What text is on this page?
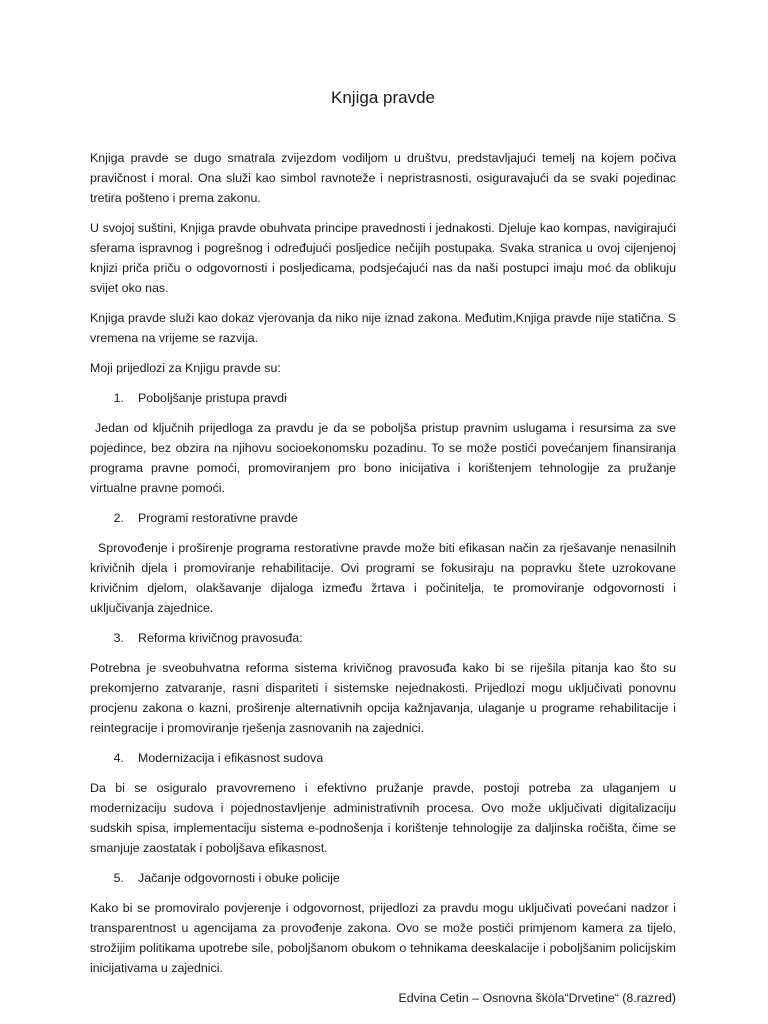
Knjiga pravde

Knjiga pravde se dugo smatrala zvijezdom vodiljom u društvu, predstavljajući temelj na kojem počiva pravičnost i moral. Ona služi kao simbol ravnoteže i nepristrasnosti, osiguravajući da se svaki pojedinac tretira pošteno i prema zakonu.

U svojoj suštini, Knjiga pravde obuhvata principe pravednosti i jednakosti. Djeluje kao kompas, navigirajući sferama ispravnog i pogrešnog i određujući posljedice nečijih postupaka. Svaka stranica u ovoj cijenjenoj knjizi priča priču o odgovornosti i posljedicama, podsjećajući nas da naši postupci imaju moć da oblikuju svijet oko nas.

Knjiga pravde služi kao dokaz vjerovanja da niko nije iznad zakona. Međutim,Knjiga pravde nije statična. S vremena na vrijeme se razvija.

Moji prijedlozi za Knjigu pravde su:

1.	Poboljšanje pristupa pravdi

Jedan od ključnih prijedloga za pravdu je da se poboljša pristup pravnim uslugama i resursima za sve pojedince, bez obzira na njihovu socioekonomsku pozadinu. To se može postići povećanjem finansiranja programa pravne pomoći, promoviranjem pro bono inicijativa i korištenjem tehnologije za pružanje virtualne pravne pomoći.

2.	Programi restorativne pravde

Sprovođenje i proširenje programa restorativne pravde može biti efikasan način za rješavanje nenasilnih krivičnih djela i promoviranje rehabilitacije. Ovi programi se fokusiraju na popravku štete uzrokovane krivičnim djelom, olakšavanje dijaloga između žrtava i počinitelja, te promoviranje odgovornosti i uključivanja zajednice.

3.	Reforma krivičnog pravosuđa:

Potrebna je sveobuhvatna reforma sistema krivičnog pravosuđa kako bi se riješila pitanja kao što su prekomjerno zatvaranje, rasni dispariteti i sistemske nejednakosti. Prijedlozi mogu uključivati ponovnu procjenu zakona o kazni, proširenje alternativnih opcija kažnjavanja, ulaganje u programe rehabilitacije i reintegracije i promoviranje rješenja zasnovanih na zajednici.

4.	Modernizacija i efikasnost sudova

Da bi se osiguralo pravovremeno i efektivno pružanje pravde, postoji potreba za ulaganjem u modernizaciju sudova i pojednostavljenje administrativnih procesa. Ovo može uključivati digitalizaciju sudskih spisa, implementaciju sistema e-podnošenja i korištenje tehnologije za daljinska ročišta, čime se smanjuje zaostatak i poboljšava efikasnost.

5.	Jačanje odgovornosti i obuke policije

Kako bi se promoviralo povjerenje i odgovornost, prijedlozi za pravdu mogu uključivati povećani nadzor i transparentnost u agencijama za provođenje zakona. Ovo se može postići primjenom kamera za tijelo, strožijim politikama upotrebe sile, poboljšanom obukom o tehnikama deeskalacije i poboljšanim policijskim inicijativama u zajednici.

Edvina Cetin – Osnovna škola“Drvetine“ (8.razred)
